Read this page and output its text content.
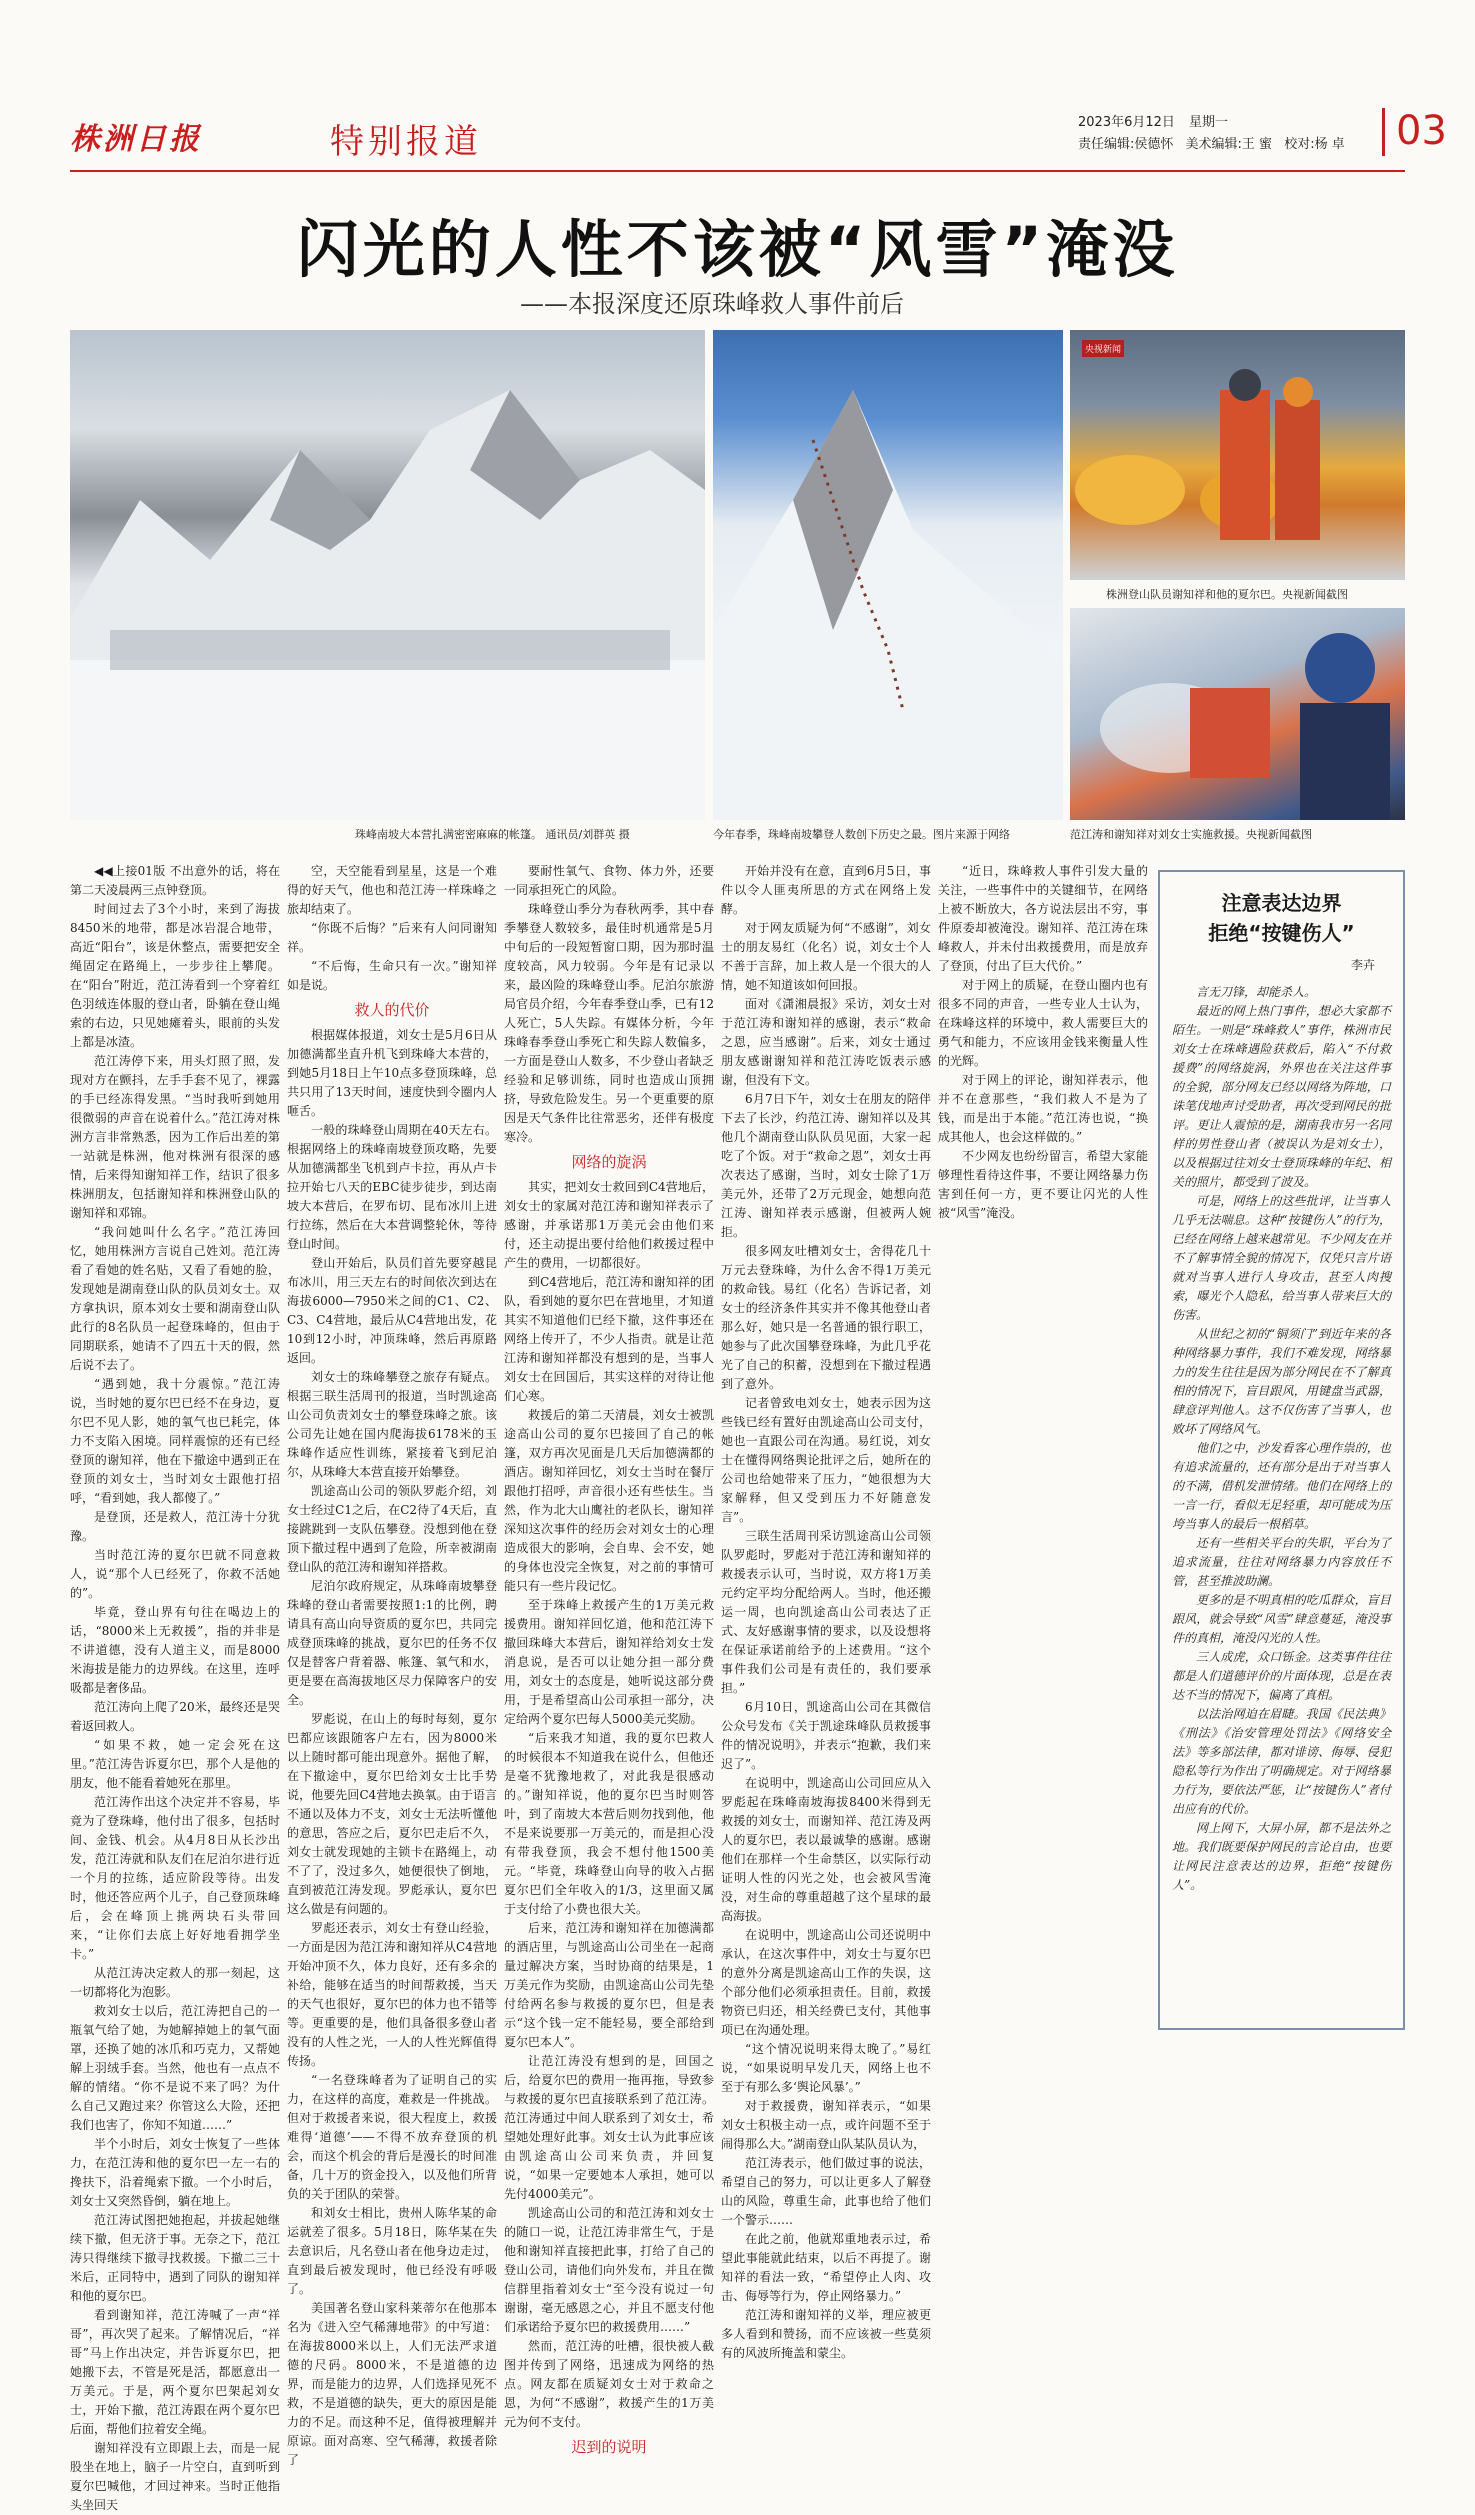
株洲日报	特别报道	2023年6月12日 星期一
责任编辑:侯德怀 美术编辑:王 蜜 校对:杨 卓	03
闪光的人性不该被“风雪”淹没
——本报深度还原珠峰救人事件前后
央视新闻
珠峰南坡大本营扎满密密麻麻的帐篷。 通讯员/刘群英 摄	今年春季，珠峰南坡攀登人数创下历史之最。图片来源于网络
株洲登山队员谢知祥和他的夏尔巴。央视新闻截图
范江涛和谢知祥对刘女士实施救援。央视新闻截图

◀◀上接01版 不出意外的话，将在第二天凌晨两三点钟登顶。

时间过去了3个小时，来到了海拔8450米的地带，都是冰岩混合地带，高近“阳台”，该是休整点，需要把安全绳固定在路绳上，一步步往上攀爬。在“阳台”附近，范江涛看到一个穿着红色羽绒连体服的登山者，卧躺在登山绳索的右边，只见她瘫着头，眼前的头发上都是冰渣。

范江涛停下来，用头灯照了照，发现对方在颤抖，左手手套不见了，裸露的手已经冻得发黑。“当时我听到她用很微弱的声音在说着什么。”范江涛对株洲方言非常熟悉，因为工作后出差的第一站就是株洲，他对株洲有很深的感情，后来得知谢知祥工作，结识了很多株洲朋友，包括谢知祥和株洲登山队的谢知祥和邓锦。

“我问她叫什么名字。”范江涛回忆，她用株洲方言说自己姓刘。范江涛看了看她的姓名贴，又看了看她的脸，发现她是湖南登山队的队员刘女士。双方拿执识，原本刘女士要和湖南登山队此行的8名队员一起登珠峰的，但由于同期联系，她请不了四五十天的假，然后说不去了。

“遇到她，我十分震惊。”范江涛说，当时她的夏尔巴已经不在身边，夏尔巴不见人影，她的氧气也已耗完，体力不支陷入困境。同样震惊的还有已经登顶的谢知祥，他在下撤途中遇到正在登顶的刘女士，当时刘女士跟他打招呼，“看到她，我人都傻了。”

是登顶，还是救人，范江涛十分犹豫。

当时范江涛的夏尔巴就不同意救人，说“那个人已经死了，你救不活她的”。

毕竟，登山界有句往在喝边上的话，“8000米上无救援”，指的并非是不讲道德，没有人道主义，而是8000米海拔是能力的边界线。在这里，连呼吸都是奢侈品。

范江涛向上爬了20米，最终还是哭着返回救人。

“如果不救，她一定会死在这里。”范江涛告诉夏尔巴，那个人是他的朋友，他不能看着她死在那里。

范江涛作出这个决定并不容易，毕竟为了登珠峰，他付出了很多，包括时间、金钱、机会。从4月8日从长沙出发，范江涛就和队友们在尼泊尔进行近一个月的拉练，适应阶段等待。出发时，他还答应两个儿子，自己登顶珠峰后，会在峰顶上挑两块石头带回来，“让你们去底上好好地看拥学坐卡。”

从范江涛决定救人的那一刻起，这一切都将化为泡影。

救刘女士以后，范江涛把自己的一瓶氧气给了她，为她解掉她上的氧气面罩，还换了她的冰爪和巧克力，又帮她解上羽绒手套。当然，他也有一点点不解的情绪。“你不是说不来了吗？为什么自己又跑过来？你管这么大险，还把我们也害了，你知不知道……”

半个小时后，刘女士恢复了一些体力，在范江涛和他的夏尔巴一左一右的搀扶下，沿着绳索下撤。一个小时后，刘女士又突然昏倒，躺在地上。

范江涛试图把她抱起，并拔起她继续下撤，但无济于事。无奈之下，范江涛只得继续下撤寻找救援。下撤二三十米后，正同特中，遇到了同队的谢知祥和他的夏尔巴。

看到谢知祥，范江涛喊了一声“祥哥”，再次哭了起来。了解情况后，“祥哥”马上作出决定，并告诉夏尔巴，把她搬下去，不管是死是活，都愿意出一万美元。于是，两个夏尔巴架起刘女士，开始下撤，范江涛跟在两个夏尔巴后面，帮他们拉着安全绳。

谢知祥没有立即跟上去，而是一屁股坐在地上，脑子一片空白，直到听到夏尔巴喊他，才回过神来。当时正他指头坐回天

空，天空能看到星星，这是一个难得的好天气，他也和范江涛一样珠峰之旅却结束了。

“你既不后悔？”后来有人问同谢知祥。

“不后悔，生命只有一次。”谢知祥如是说。

救人的代价

根据媒体报道，刘女士是5月6日从加德满都坐直升机飞到珠峰大本营的，到她5月18日上午10点多登顶珠峰，总共只用了13天时间，速度快到令圈内人咂舌。

一般的珠峰登山周期在40天左右。根据网络上的珠峰南坡登顶攻略，先要从加德满都坐飞机到卢卡拉，再从卢卡拉开始七八天的EBC徒步徒步，到达南坡大本营后，在罗布切、昆布冰川上进行拉练，然后在大本营调整轮休，等待登山时间。

登山开始后，队员们首先要穿越昆布冰川，用三天左右的时间依次到达在海拔6000—7950米之间的C1、C2、C3、C4营地，最后从C4营地出发，花10到12小时，冲顶珠峰，然后再原路返回。

刘女士的珠峰攀登之旅存有疑点。根据三联生活周刊的报道，当时凯途高山公司负责刘女士的攀登珠峰之旅。该公司先让她在国内爬海拔6178米的玉珠峰作适应性训练，紧接着飞到尼泊尔，从珠峰大本营直接开始攀登。

凯途高山公司的领队罗彪介绍，刘女士经过C1之后，在C2待了4天后，直接跳跳到一支队伍攀登。没想到他在登顶下撤过程中遇到了危险，所幸被湖南登山队的范江涛和谢知祥搭救。

尼泊尔政府规定，从珠峰南坡攀登珠峰的登山者需要按照1:1的比例，聘请具有高山向导资质的夏尔巴，共同完成登顶珠峰的挑战，夏尔巴的任务不仅仅是替客户背着器、帐篷、氧气和水，更是要在高海拔地区尽力保障客户的安全。

罗彪说，在山上的每时每刻，夏尔巴都应该跟随客户左右，因为8000米以上随时都可能出现意外。据他了解，在下撤途中，夏尔巴给刘女士比手势说，他要先回C4营地去换氧。由于语言不通以及体力不支，刘女士无法听懂他的意思，答应之后，夏尔巴走后不久，刘女士就发现她的主锁卡在路绳上，动不了了，没过多久，她便很快了倒地，直到被范江涛发现。罗彪承认，夏尔巴这么做是有问题的。

罗彪还表示，刘女士有登山经验，一方面是因为范江涛和谢知祥从C4营地开始冲顶不久，体力良好，还有多余的补给，能够在适当的时间帮救援，当天的天气也很好，夏尔巴的体力也不错等等。更重要的是，他们具备很多登山者没有的人性之光，一人的人性光辉值得传扬。

“一名登珠峰者为了证明自己的实力，在这样的高度，难救是一件挑战。但对于救援者来说，很大程度上，救援难得‘道德’——不得不放弃登顶的机会，而这个机会的背后是漫长的时间准备，几十万的资金投入，以及他们所背负的关于团队的荣誉。

和刘女士相比，贵州人陈华某的命运就差了很多。5月18日，陈华某在失去意识后，凡名登山者在他身边走过，直到最后被发现时，他已经没有呼吸了。

美国著名登山家科莱蒂尔在他那本名为《进入空气稀薄地带》的中写道：在海拔8000米以上，人们无法严求道德的尺码。8000米，不是道德的边界，而是能力的边界，人们选择见死不救，不是道德的缺失，更大的原因是能力的不足。而这种不足，值得被理解并原谅。面对高寒、空气稀薄，救援者除了

要耐性氧气、食物、体力外，还要一同承担死亡的风险。

珠峰登山季分为春秋两季，其中春季攀登人数较多，最佳时机通常是5月中旬后的一段短暂窗口期，因为那时温度较高，风力较弱。今年是有记录以来，最凶险的珠峰登山季。尼泊尔旅游局官员介绍，今年春季登山季，已有12人死亡，5人失踪。有媒体分析，今年珠峰春季登山季死亡和失踪人数偏多，一方面是登山人数多，不少登山者缺乏经验和足够训练，同时也造成山顶拥挤，导致危险发生。另一个更重要的原因是天气条件比往常恶劣，还伴有极度寒冷。

网络的旋涡

其实，把刘女士救回到C4营地后，刘女士的家属对范江涛和谢知祥表示了感谢，并承诺那1万美元会由他们来付，还主动提出要付给他们救援过程中产生的费用，一切都很好。

到C4营地后，范江涛和谢知祥的团队，看到她的夏尔巴在营地里，才知道其实不知道他们已经下撤，这件事还在网络上传开了，不少人指责。就是让范江涛和谢知祥都没有想到的是，当事人刘女士在回国后，其实这样的对待让他们心寒。

救援后的第二天清晨，刘女士被凯途高山公司的夏尔巴接回了自己的帐篷，双方再次见面是几天后加德满都的酒店。谢知祥回忆，刘女士当时在餐厅跟他打招呼，声音很小还有些怯生。当然，作为北大山鹰社的老队长，谢知祥深知这次事件的经历会对刘女士的心理造成很大的影响，会自卑、会不安，她的身体也没完全恢复，对之前的事情可能只有一些片段记忆。

至于珠峰上救援产生的1万美元救援费用。谢知祥回忆道，他和范江涛下撤回珠峰大本营后，谢知祥给刘女士发消息说，是否可以让她分担一部分费用，刘女士的态度是，她听说这部分费用，于是希望高山公司承担一部分，决定给两个夏尔巴每人5000美元奖励。

“后来我才知道，我的夏尔巴救人的时候很本不知道我在说什么，但他还是毫不犹豫地救了，对此我是很感动的。”谢知祥说，他的夏尔巴当时则答叶，到了南坡大本营后则勿找到他，他不是来说要那一万美元的，而是担心没有带我登顶，我会不想付他1500美元。“毕竟，珠峰登山向导的收入占据夏尔巴们全年收入的1/3，这里面又属于支付给了小费也很大关。

后来，范江涛和谢知祥在加德满都的酒店里，与凯途高山公司坐在一起商量过解决方案，当时协商的结果是，1万美元作为奖励，由凯途高山公司先垫付给两名参与救援的夏尔巴，但是表示“这个钱一定不能轻易，要全部给到夏尔巴本人”。

让范江涛没有想到的是，回国之后，给夏尔巴的费用一拖再拖，导致参与救援的夏尔巴直接联系到了范江涛。范江涛通过中间人联系到了刘女士，希望她处理好此事。刘女士认为此事应该由凯途高山公司来负责，并回复说，“如果一定要她本人承担，她可以先付4000美元”。

凯途高山公司的和范江涛和刘女士的随口一说，让范江涛非常生气，于是他和谢知祥直接把此事，打给了自己的登山公司，请他们向外发布，并且在微信群里指着刘女士“至今没有说过一句谢谢，毫无感恩之心，并且不愿支付他们承诺给予夏尔巴的救援费用……”

然而，范江涛的吐槽，很快被人截图并传到了网络，迅速成为网络的热点。网友都在质疑刘女士对于救命之恩，为何“不感谢”，救援产生的1万美元为何不支付。

迟到的说明

开始并没有在意，直到6月5日，事件以令人匪夷所思的方式在网络上发酵。

对于网友质疑为何“不感谢”，刘女士的朋友易红（化名）说，刘女士个人不善于言辞，加上救人是一个很大的人情，她不知道该如何回报。

面对《潇湘晨报》采访，刘女士对于范江涛和谢知祥的感谢，表示“救命之恩，应当感谢”。后来，刘女士通过朋友感谢谢知祥和范江涛吃饭表示感谢，但没有下文。

6月7日下午，刘女士在朋友的陪伴下去了长沙，约范江涛、谢知祥以及其他几个湖南登山队队员见面，大家一起吃了个饭。对于“救命之恩”，刘女士再次表达了感谢，当时，刘女士除了1万美元外，还带了2万元现金，她想向范江涛、谢知祥表示感谢，但被两人婉拒。

很多网友吐槽刘女士，舍得花几十万元去登珠峰，为什么舍不得1万美元的救命钱。易红（化名）告诉记者，刘女士的经济条件其实并不像其他登山者那么好，她只是一名普通的银行职工，她参与了此次国攀登珠峰，为此几乎花光了自己的积蓄，没想到在下撤过程遇到了意外。

记者曾致电刘女士，她表示因为这些钱已经有置好由凯途高山公司支付，她也一直跟公司在沟通。易红说，刘女士在懂得网络舆论批评之后，她所在的公司也给她带来了压力，“她很想为大家解释，但又受到压力不好随意发言”。

三联生活周刊采访凯途高山公司领队罗彪时，罗彪对于范江涛和谢知祥的救援表示认可，当时说，双方将1万美元约定平均分配给两人。当时，他还搬运一周，也向凯途高山公司表达了正式、友好感谢事情的要求，以及设想将在保证承诺前给予的上述费用。“这个事件我们公司是有责任的，我们要承担。”

6月10日，凯途高山公司在其微信公众号发布《关于凯途珠峰队员救援事件的情况说明》，并表示“抱歉，我们来迟了”。

在说明中，凯途高山公司回应从入罗彪起在珠峰南坡海拔8400米得到无救援的刘女士，而谢知祥、范江涛及两人的夏尔巴，表以最诚挚的感谢。感谢他们在那样一个生命禁区，以实际行动证明人性的闪光之处，也会被风雪淹没，对生命的尊重超越了这个星球的最高海拔。

在说明中，凯途高山公司还说明中承认，在这次事件中，刘女士与夏尔巴的意外分离是凯途高山工作的失误，这个部分他们必须承担责任。目前，救援物资已归还，相关经费已支付，其他事项已在沟通处理。

“这个情况说明来得太晚了。”易红说，“如果说明早发几天，网络上也不至于有那么多‘舆论风暴’。”

对于救援费，谢知祥表示，“如果刘女士积极主动一点，或许问题不至于闹得那么大。”湖南登山队某队员认为，

范江涛表示，他们做过事的说法，希望自己的努力，可以让更多人了解登山的风险，尊重生命，此事也给了他们一个警示……

在此之前，他就郑重地表示过，希望此事能就此结束，以后不再提了。谢知祥的看法一致，“希望停止人肉、攻击、侮辱等行为，停止网络暴力。”

范江涛和谢知祥的义举，理应被更多人看到和赞扬，而不应该被一些莫须有的风波所掩盖和蒙尘。

“近日，珠峰救人事件引发大量的关注，一些事件中的关键细节，在网络上被不断放大，各方说法层出不穷，事件原委却被淹没。谢知祥、范江涛在珠峰救人，并未付出救援费用，而是放弃了登顶，付出了巨大代价。”

对于网上的质疑，在登山圈内也有很多不同的声音，一些专业人士认为，在珠峰这样的环境中，救人需要巨大的勇气和能力，不应该用金钱来衡量人性的光辉。

对于网上的评论，谢知祥表示，他并不在意那些，“我们救人不是为了钱，而是出于本能。”范江涛也说，“换成其他人，也会这样做的。”

不少网友也纷纷留言，希望大家能够理性看待这件事，不要让网络暴力伤害到任何一方，更不要让闪光的人性被“风雪”淹没。

注意表达边界
拒绝“按键伤人”
李卉

言无刀锋，却能杀人。

最近的网上热门事件，想必大家都不陌生。一则是“珠峰救人”事件，株洲市民刘女士在珠峰遇险获救后，陷入“不付救援费”的网络旋涡，外界也在关注这件事的全貌，部分网友已经以网络为阵地，口诛笔伐地声讨受助者，再次受到网民的批评。更让人震惊的是，湖南我市另一名同样的男性登山者（被误认为是刘女士），以及根据过往刘女士登顶珠峰的年纪、相关的照片，都受到了波及。

可是，网络上的这些批评，让当事人几乎无法喘息。这种“按键伤人”的行为，已经在网络上越来越常见。不少网友在并不了解事情全貌的情况下，仅凭只言片语就对当事人进行人身攻击，甚至人肉搜索，曝光个人隐私，给当事人带来巨大的伤害。

从世纪之初的“铜须门”到近年来的各种网络暴力事件，我们不难发现，网络暴力的发生往往是因为部分网民在不了解真相的情况下，盲目跟风，用键盘当武器，肆意评判他人。这不仅伤害了当事人，也败坏了网络风气。

他们之中，沙发看客心理作祟的，也有追求流量的，还有部分是出于对当事人的不满，借机发泄情绪。他们在网络上的一言一行，看似无足轻重，却可能成为压垮当事人的最后一根稻草。

还有一些相关平台的失职，平台为了追求流量，往往对网络暴力内容放任不管，甚至推波助澜。

更多的是不明真相的吃瓜群众，盲目跟风，就会导致“风雪”肆意蔓延，淹没事件的真相，淹没闪光的人性。

三人成虎，众口铄金。这类事件往往都是人们道德评价的片面体现，总是在表达不当的情况下，偏离了真相。

以法治网迫在眉睫。我国《民法典》《刑法》《治安管理处罚法》《网络安全法》等多部法律，都对诽谤、侮辱、侵犯隐私等行为作出了明确规定。对于网络暴力行为，要依法严惩，让“按键伤人”者付出应有的代价。

网上网下，大屏小屏，都不是法外之地。我们既要保护网民的言论自由，也要让网民注意表达的边界，拒绝“按键伤人”。
